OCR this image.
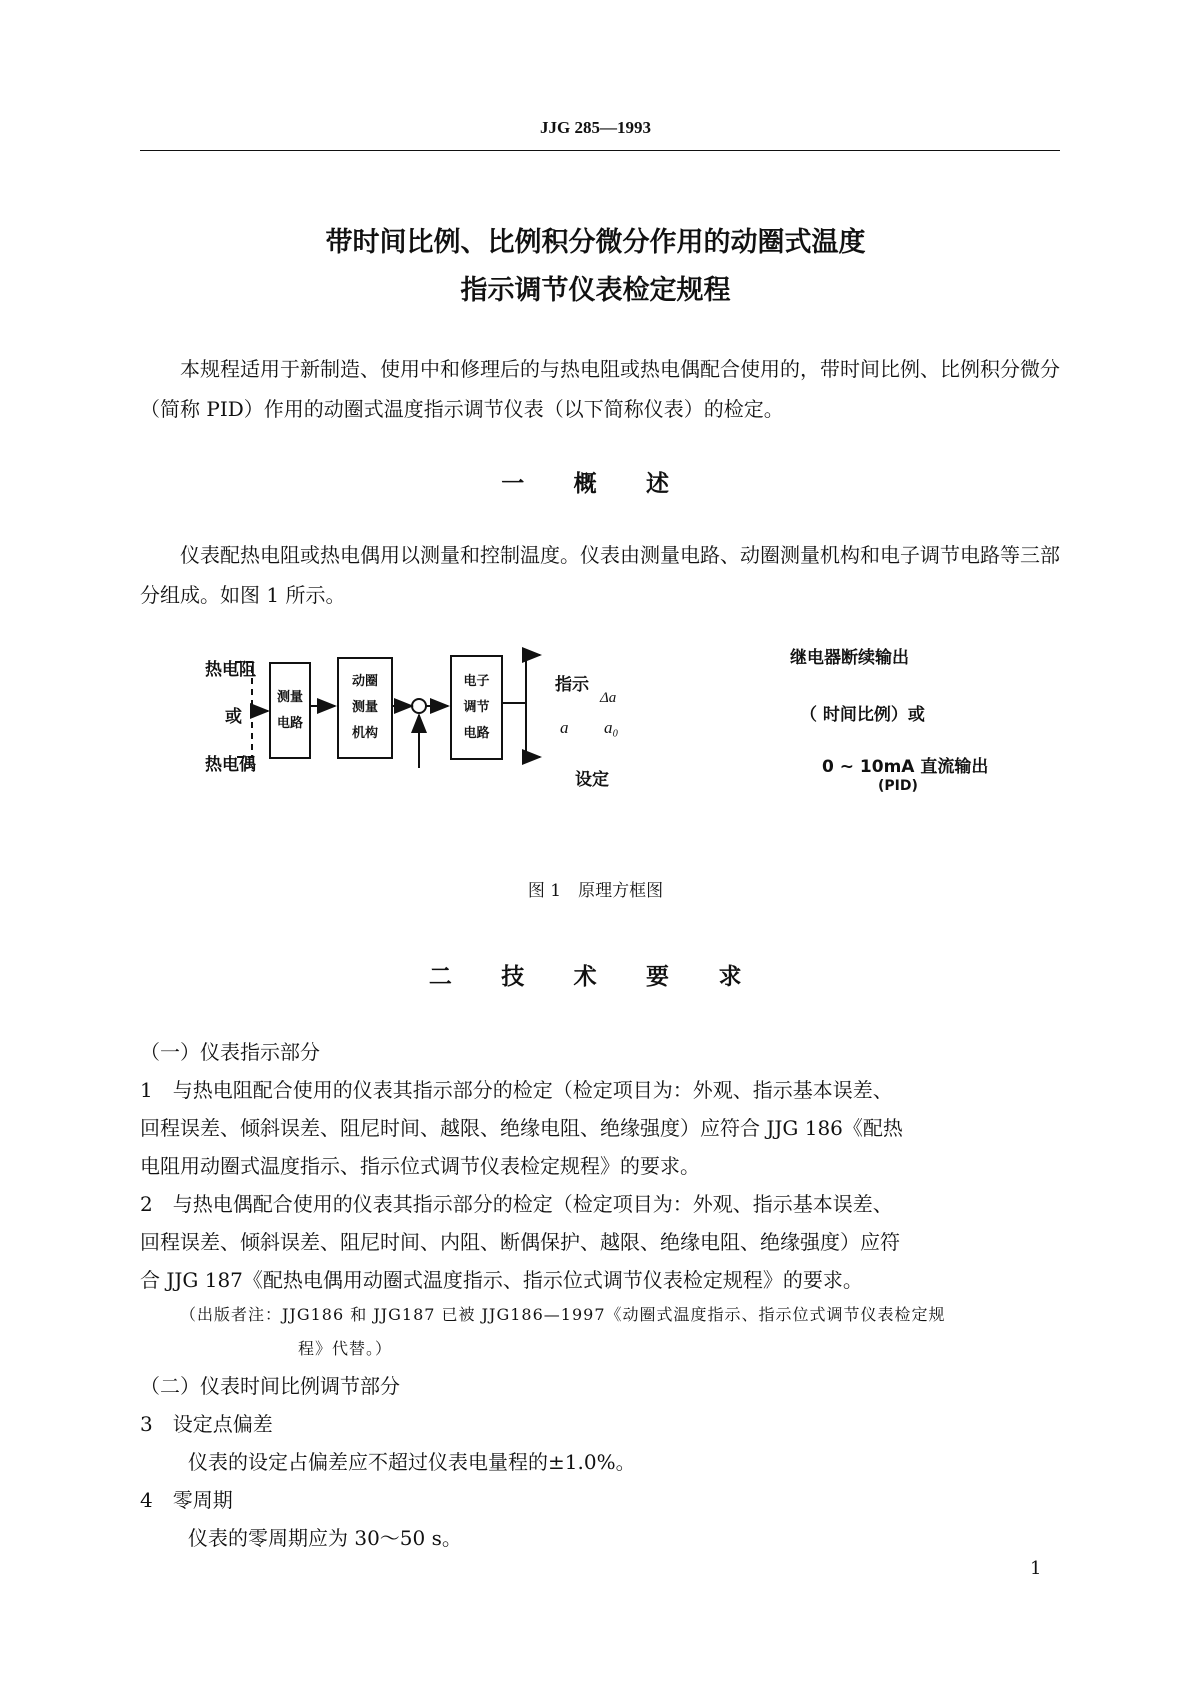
JJG 285—1993
带时间比例、比例积分微分作用的动圈式温度
指示调节仪表检定规程
本规程适用于新制造、使用中和修理后的与热电阻或热电偶配合使用的，带时间比例、比例积分微分（简称 PID）作用的动圈式温度指示调节仪表（以下简称仪表）的检定。
一 概 述
仪表配热电阻或热电偶用以测量和控制温度。仪表由测量电路、动圈测量机构和电子调节电路等三部分组成。如图 1 所示。
测量电路
动圈测量机构
电子调节电路
热电阻
或
热电偶
指示
Δa
a a₀
设定
继电器断续输出
（ 时间比例）或
0 ~ 10mA 直流输出
(PID)
图 1　原理方框图
二 技 术 要 求
（一）仪表指示部分
1　与热电阻配合使用的仪表其指示部分的检定（检定项目为：外观、指示基本误差、
回程误差、倾斜误差、阻尼时间、越限、绝缘电阻、绝缘强度）应符合 JJG 186《配热
电阻用动圈式温度指示、指示位式调节仪表检定规程》的要求。
2　与热电偶配合使用的仪表其指示部分的检定（检定项目为：外观、指示基本误差、
回程误差、倾斜误差、阻尼时间、内阻、断偶保护、越限、绝缘电阻、绝缘强度）应符
合 JJG 187《配热电偶用动圈式温度指示、指示位式调节仪表检定规程》的要求。
（出版者注：JJG186 和 JJG187 已被 JJG186—1997《动圈式温度指示、指示位式调节仪表检定规
程》代替。）
（二）仪表时间比例调节部分
3　设定点偏差
仪表的设定占偏差应不超过仪表电量程的±1.0%。
4　零周期
仪表的零周期应为 30～50 s。
1
